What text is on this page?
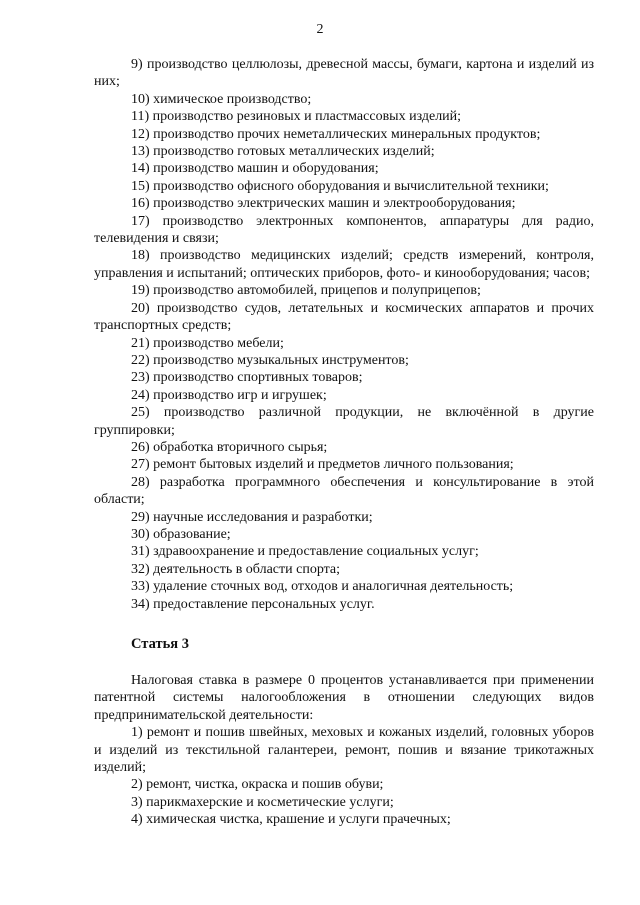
2

9) производство целлюлозы, древесной массы, бумаги, картона и изделий из них;

10) химическое производство;

11) производство резиновых и пластмассовых изделий;

12) производство прочих неметаллических минеральных продуктов;

13) производство готовых металлических изделий;

14) производство машин и оборудования;

15) производство офисного оборудования и вычислительной техники;

16) производство электрических машин и электрооборудования;

17) производство электронных компонентов, аппаратуры для радио, телевидения и связи;

18) производство медицинских изделий; средств измерений, контроля, управления и испытаний; оптических приборов, фото- и кинооборудования; часов;

19) производство автомобилей, прицепов и полуприцепов;

20) производство судов, летательных и космических аппаратов и прочих транспортных средств;

21) производство мебели;

22) производство музыкальных инструментов;

23) производство спортивных товаров;

24) производство игр и игрушек;

25) производство различной продукции, не включённой в другие группировки;

26) обработка вторичного сырья;

27) ремонт бытовых изделий и предметов личного пользования;

28) разработка программного обеспечения и консультирование в этой области;

29) научные исследования и разработки;

30) образование;

31) здравоохранение и предоставление социальных услуг;

32) деятельность в области спорта;

33) удаление сточных вод, отходов и аналогичная деятельность;

34) предоставление персональных услуг.

Статья 3

Налоговая ставка в размере 0 процентов устанавливается при применении патентной системы налогообложения в отношении следующих видов предпринимательской деятельности:

1) ремонт и пошив швейных, меховых и кожаных изделий, головных уборов и изделий из текстильной галантереи, ремонт, пошив и вязание трикотажных изделий;

2) ремонт, чистка, окраска и пошив обуви;

3) парикмахерские и косметические услуги;

4) химическая чистка, крашение и услуги прачечных;
